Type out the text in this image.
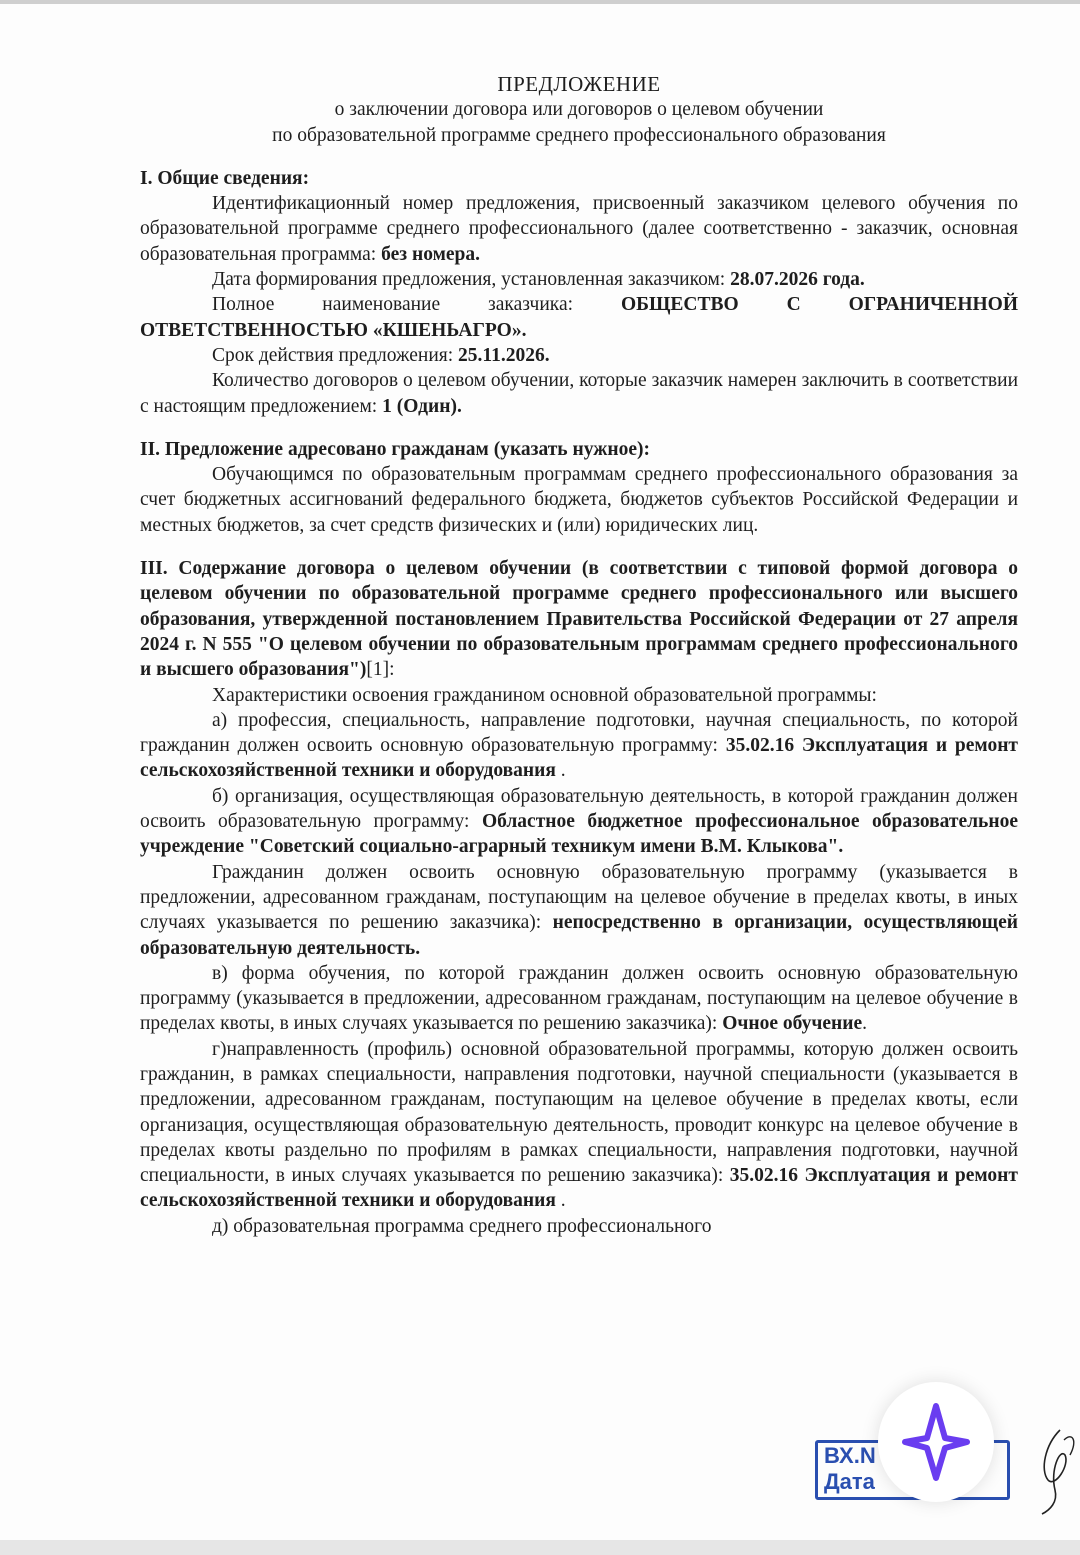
ПРЕДЛОЖЕНИЕ

о заключении договора или договоров о целевом обучении

по образовательной программе среднего профессионального образования

I. Общие сведения:

Идентификационный номер предложения, присвоенный заказчиком целевого обучения по образовательной программе среднего профессионального (далее соответственно - заказчик, основная образовательная программа: без номера.

Дата формирования предложения, установленная заказчиком: 28.07.2026 года.

Полное наименование заказчика: ОБЩЕСТВО С ОГРАНИЧЕННОЙ ОТВЕТСТВЕННОСТЬЮ «КШЕНЬАГРО».

Срок действия предложения: 25.11.2026.

Количество договоров о целевом обучении, которые заказчик намерен заключить в соответствии с настоящим предложением: 1 (Один).

II. Предложение адресовано гражданам (указать нужное):

Обучающимся по образовательным программам среднего профессионального образования за счет бюджетных ассигнований федерального бюджета, бюджетов субъектов Российской Федерации и местных бюджетов, за счет средств физических и (или) юридических лиц.

III. Содержание договора о целевом обучении (в соответствии с типовой формой договора о целевом обучении по образовательной программе среднего профессионального или высшего образования, утвержденной постановлением Правительства Российской Федерации от 27 апреля 2024 г. N 555 "О целевом обучении по образовательным программам среднего профессионального и высшего образования")[1]:

Характеристики освоения гражданином основной образовательной программы:

а) профессия, специальность, направление подготовки, научная специальность, по которой гражданин должен освоить основную образовательную программу: 35.02.16 Эксплуатация и ремонт сельскохозяйственной техники и оборудования .

б) организация, осуществляющая образовательную деятельность, в которой гражданин должен освоить образовательную программу: Областное бюджетное профессиональное образовательное учреждение "Советский социально-аграрный техникум имени В.М. Клыкова".

Гражданин должен освоить основную образовательную программу (указывается в предложении, адресованном гражданам, поступающим на целевое обучение в пределах квоты, в иных случаях указывается по решению заказчика): непосредственно в организации, осуществляющей образовательную деятельность.

в) форма обучения, по которой гражданин должен освоить основную образовательную программу (указывается в предложении, адресованном гражданам, поступающим на целевое обучение в пределах квоты, в иных случаях указывается по решению заказчика): Очное обучение.

г)направленность (профиль) основной образовательной программы, которую должен освоить гражданин, в рамках специальности, направления подготовки, научной специальности (указывается в предложении, адресованном гражданам, поступающим на целевое обучение в пределах квоты, если организация, осуществляющая образовательную деятельность, проводит конкурс на целевое обучение в пределах квоты раздельно по профилям в рамках специальности, направления подготовки, научной специальности, в иных случаях указывается по решению заказчика): 35.02.16 Эксплуатация и ремонт сельскохозяйственной техники и оборудования .

д) образовательная программа среднего профессионального

ВХ.N
Дата
